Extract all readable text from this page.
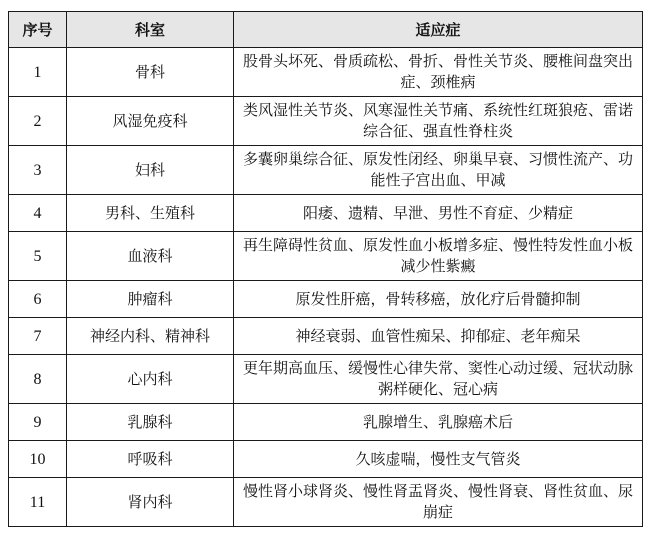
序号	科室	适应症
1	骨科	股骨头坏死、骨质疏松、骨折、骨性关节炎、腰椎间盘突出症、颈椎病
2	风湿免疫科	类风湿性关节炎、风寒湿性关节痛、系统性红斑狼疮、雷诺综合征、强直性脊柱炎
3	妇科	多囊卵巢综合征、原发性闭经、卵巢早衰、习惯性流产、功能性子宫出血、甲减
4	男科、生殖科	阳痿、遗精、早泄、男性不育症、少精症
5	血液科	再生障碍性贫血、原发性血小板增多症、慢性特发性血小板减少性紫癜
6	肿瘤科	原发性肝癌，骨转移癌，放化疗后骨髓抑制
7	神经内科、精神科	神经衰弱、血管性痴呆、抑郁症、老年痴呆
8	心内科	更年期高血压、缓慢性心律失常、窦性心动过缓、冠状动脉粥样硬化、冠心病
9	乳腺科	乳腺增生、乳腺癌术后
10	呼吸科	久咳虚喘，慢性支气管炎
11	肾内科	慢性肾小球肾炎、慢性肾盂肾炎、慢性肾衰、肾性贫血、尿崩症
